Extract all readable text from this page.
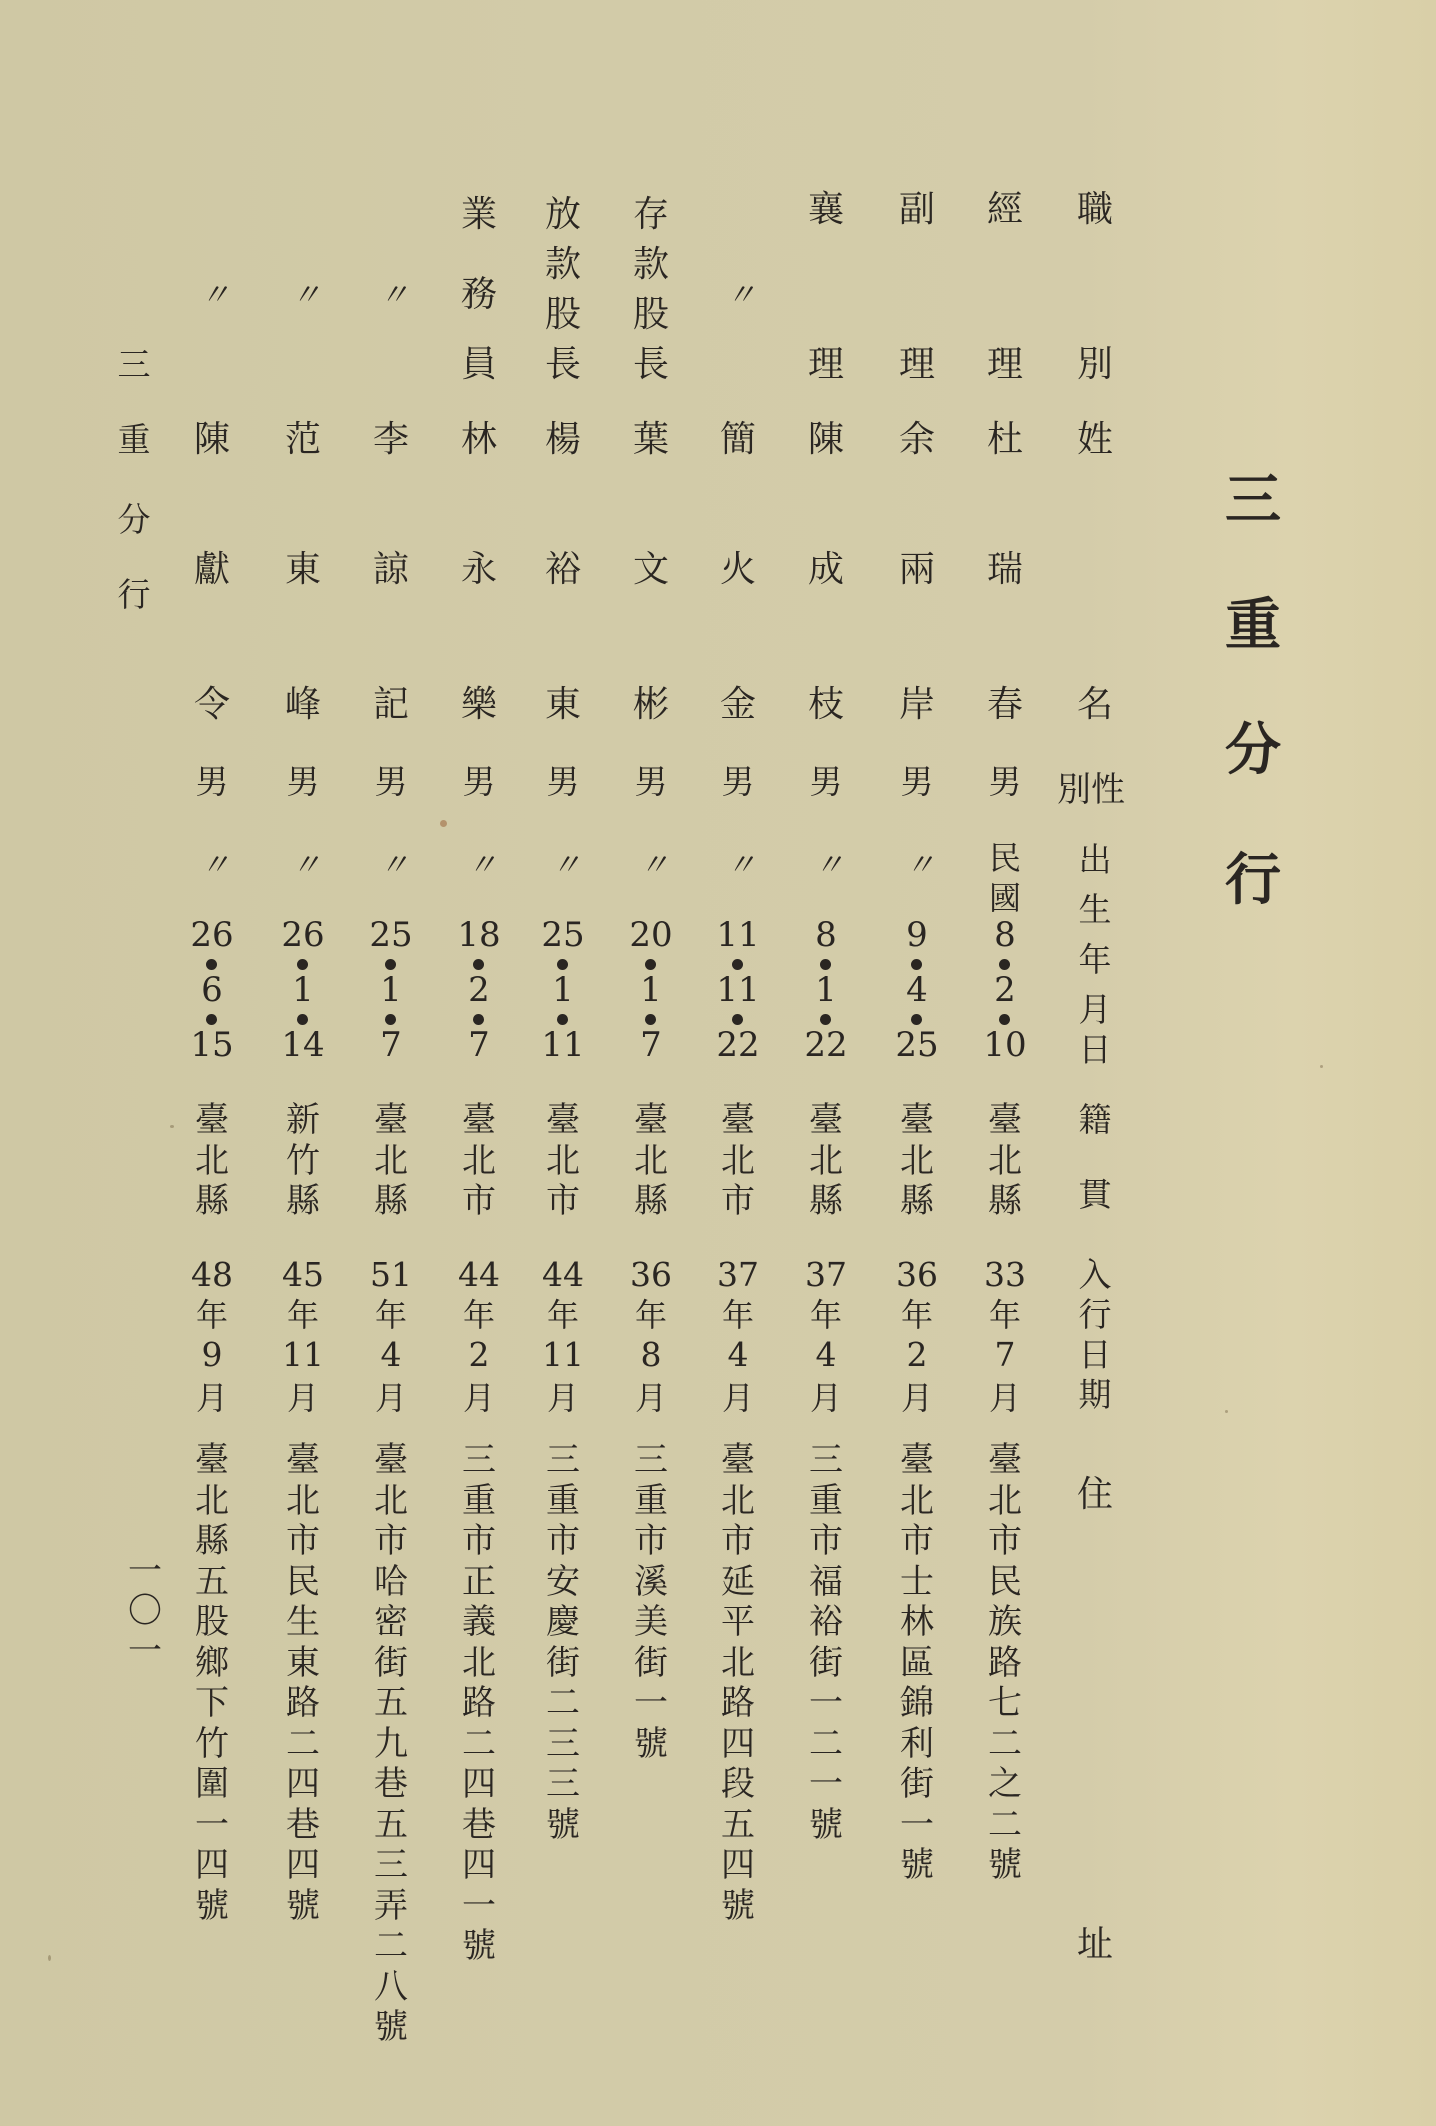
三
重
分
行
職
別
姓
名
別性
出
生
年
月
日
籍
貫
入
行
日
期
住
址
經
理
杜
瑞
春
男
民
國
8
2
10
臺北縣
33
年
7
月
臺北市民族路七二之二號
副
理
余
兩
岸
男
〃
9
4
25
臺北縣
36
年
2
月
臺北市士林區錦利街一號
襄
理
陳
成
枝
男
〃
8
1
22
臺北縣
37
年
4
月
三重市福裕街一二一號
〃
簡
火
金
男
〃
11
11
22
臺北市
37
年
4
月
臺北市延平北路四段五四號
存
款
股
長
葉
文
彬
男
〃
20
1
7
臺北縣
36
年
8
月
三重市溪美街一號
放
款
股
長
楊
裕
東
男
〃
25
1
11
臺北市
44
年
11
月
三重市安慶街二三三號
業
務
員
林
永
樂
男
〃
18
2
7
臺北市
44
年
2
月
三重市正義北路二四巷四一號
〃
李
諒
記
男
〃
25
1
7
臺北縣
51
年
4
月
臺北市哈密街五九巷五三弄二八號
〃
范
東
峰
男
〃
26
1
14
新竹縣
45
年
11
月
臺北市民生東路二四巷四號
〃
陳
獻
令
男
〃
26
6
15
臺北縣
48
年
9
月
臺北縣五股鄉下竹圍一四號
三
重
分
行
一
〇
一
